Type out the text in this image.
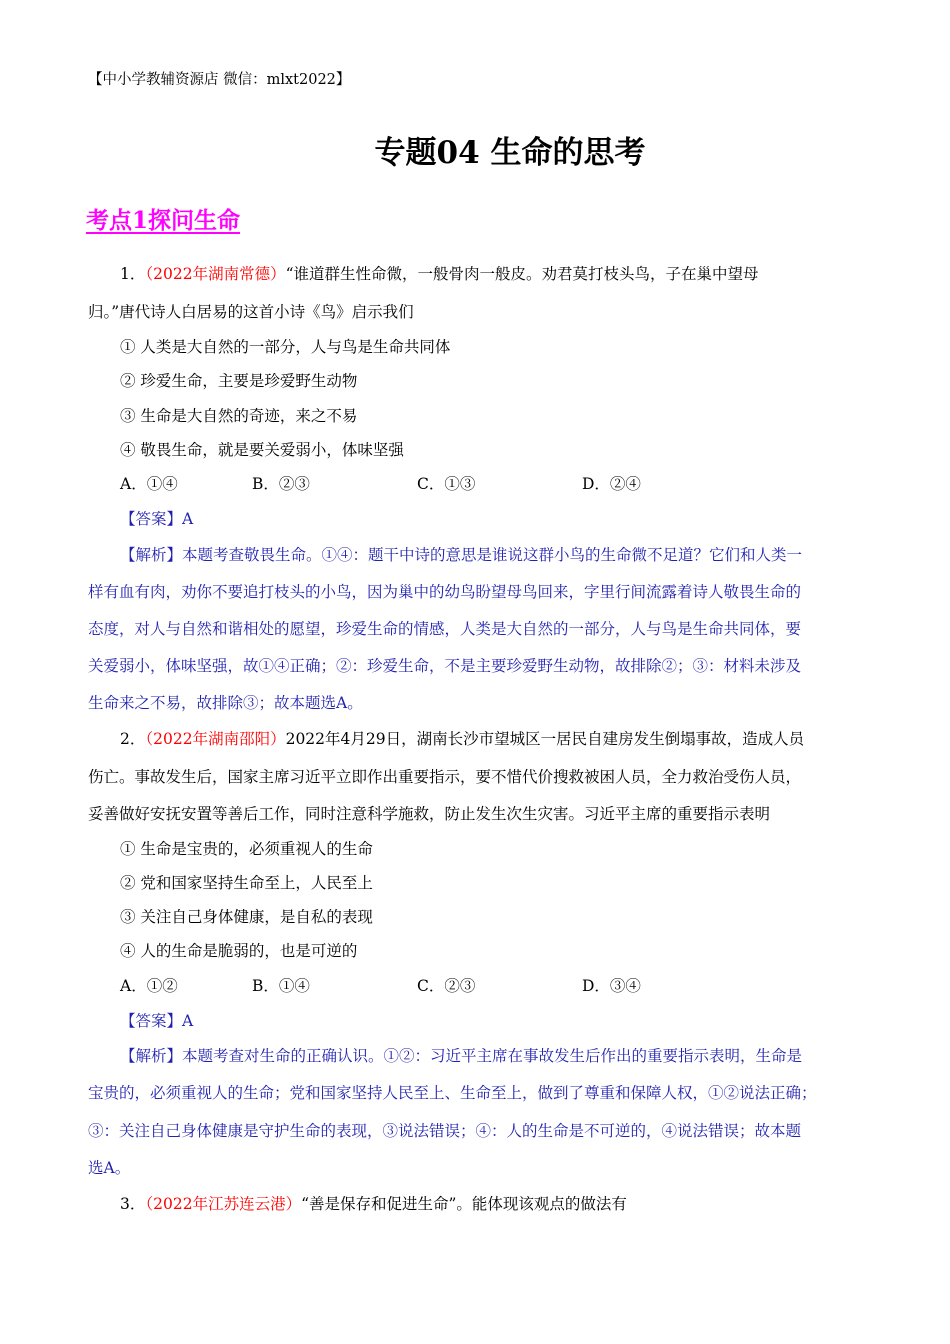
【中小学教辅资源店 微信：mlxt2022】
专题04 生命的思考
考点1探问生命
1．（2022年湖南常德）“谁道群生性命微，一般骨肉一般皮。劝君莫打枝头鸟，子在巢中望母
归。”唐代诗人白居易的这首小诗《鸟》启示我们
① 人类是大自然的一部分，人与鸟是生命共同体
② 珍爱生命，主要是珍爱野生动物
③ 生命是大自然的奇迹，来之不易
④ 敬畏生命，就是要关爱弱小，体味坚强
A．①④	B．②③	C．①③	D．②④
【答案】A
【解析】本题考查敬畏生命。①④：题干中诗的意思是谁说这群小鸟的生命微不足道？它们和人类一
样有血有肉，劝你不要追打枝头的小鸟，因为巢中的幼鸟盼望母鸟回来，字里行间流露着诗人敬畏生命的
态度，对人与自然和谐相处的愿望，珍爱生命的情感，人类是大自然的一部分，人与鸟是生命共同体，要
关爱弱小，体味坚强，故①④正确；②：珍爱生命，不是主要珍爱野生动物，故排除②；③：材料未涉及
生命来之不易，故排除③；故本题选A。
2．（2022年湖南邵阳）2022年4月29日，湖南长沙市望城区一居民自建房发生倒塌事故，造成人员
伤亡。事故发生后，国家主席习近平立即作出重要指示，要不惜代价搜救被困人员，全力救治受伤人员，
妥善做好安抚安置等善后工作，同时注意科学施救，防止发生次生灾害。习近平主席的重要指示表明
① 生命是宝贵的，必须重视人的生命
② 党和国家坚持生命至上，人民至上
③ 关注自己身体健康，是自私的表现
④ 人的生命是脆弱的，也是可逆的
A．①②	B．①④	C．②③	D．③④
【答案】A
【解析】本题考查对生命的正确认识。①②：习近平主席在事故发生后作出的重要指示表明，生命是
宝贵的，必须重视人的生命；党和国家坚持人民至上、生命至上，做到了尊重和保障人权，①②说法正确；
③：关注自己身体健康是守护生命的表现，③说法错误；④：人的生命是不可逆的，④说法错误；故本题
选A。
3．（2022年江苏连云港）“善是保存和促进生命”。能体现该观点的做法有
